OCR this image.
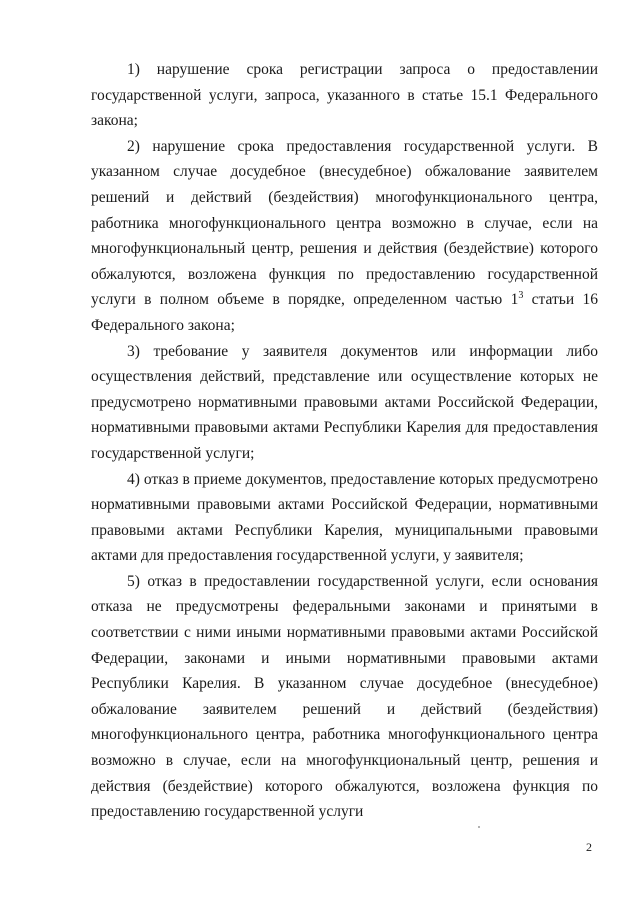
1) нарушение срока регистрации запроса о предоставлении государственной услуги, запроса, указанного в статье 15.1 Федерального закона;

2) нарушение срока предоставления государственной услуги. В указанном случае досудебное (внесудебное) обжалование заявителем решений и действий (бездействия) многофункционального центра, работника многофункционального центра возможно в случае, если на многофункциональный центр, решения и действия (бездействие) которого обжалуются, возложена функция по предоставлению государственной услуги в полном объеме в порядке, определенном частью $1^3$ статьи 16 Федерального закона;

3) требование у заявителя документов или информации либо осуществления действий, представление или осуществление которых не предусмотрено нормативными правовыми актами Российской Федерации, нормативными правовыми актами Республики Карелия для предоставления государственной услуги;

4) отказ в приеме документов, предоставление которых предусмотрено нормативными правовыми актами Российской Федерации, нормативными правовыми актами Республики Карелия, муниципальными правовыми актами для предоставления государственной услуги, у заявителя;

5) отказ в предоставлении государственной услуги, если основания отказа не предусмотрены федеральными законами и принятыми в соответствии с ними иными нормативными правовыми актами Российской Федерации, законами и иными нормативными правовыми актами Республики Карелия. В указанном случае досудебное (внесудебное) обжалование заявителем решений и действий (бездействия) многофункционального центра, работника многофункционального центра возможно в случае, если на многофункциональный центр, решения и действия (бездействие) которого обжалуются, возложена функция по предоставлению государственной услуги

2
